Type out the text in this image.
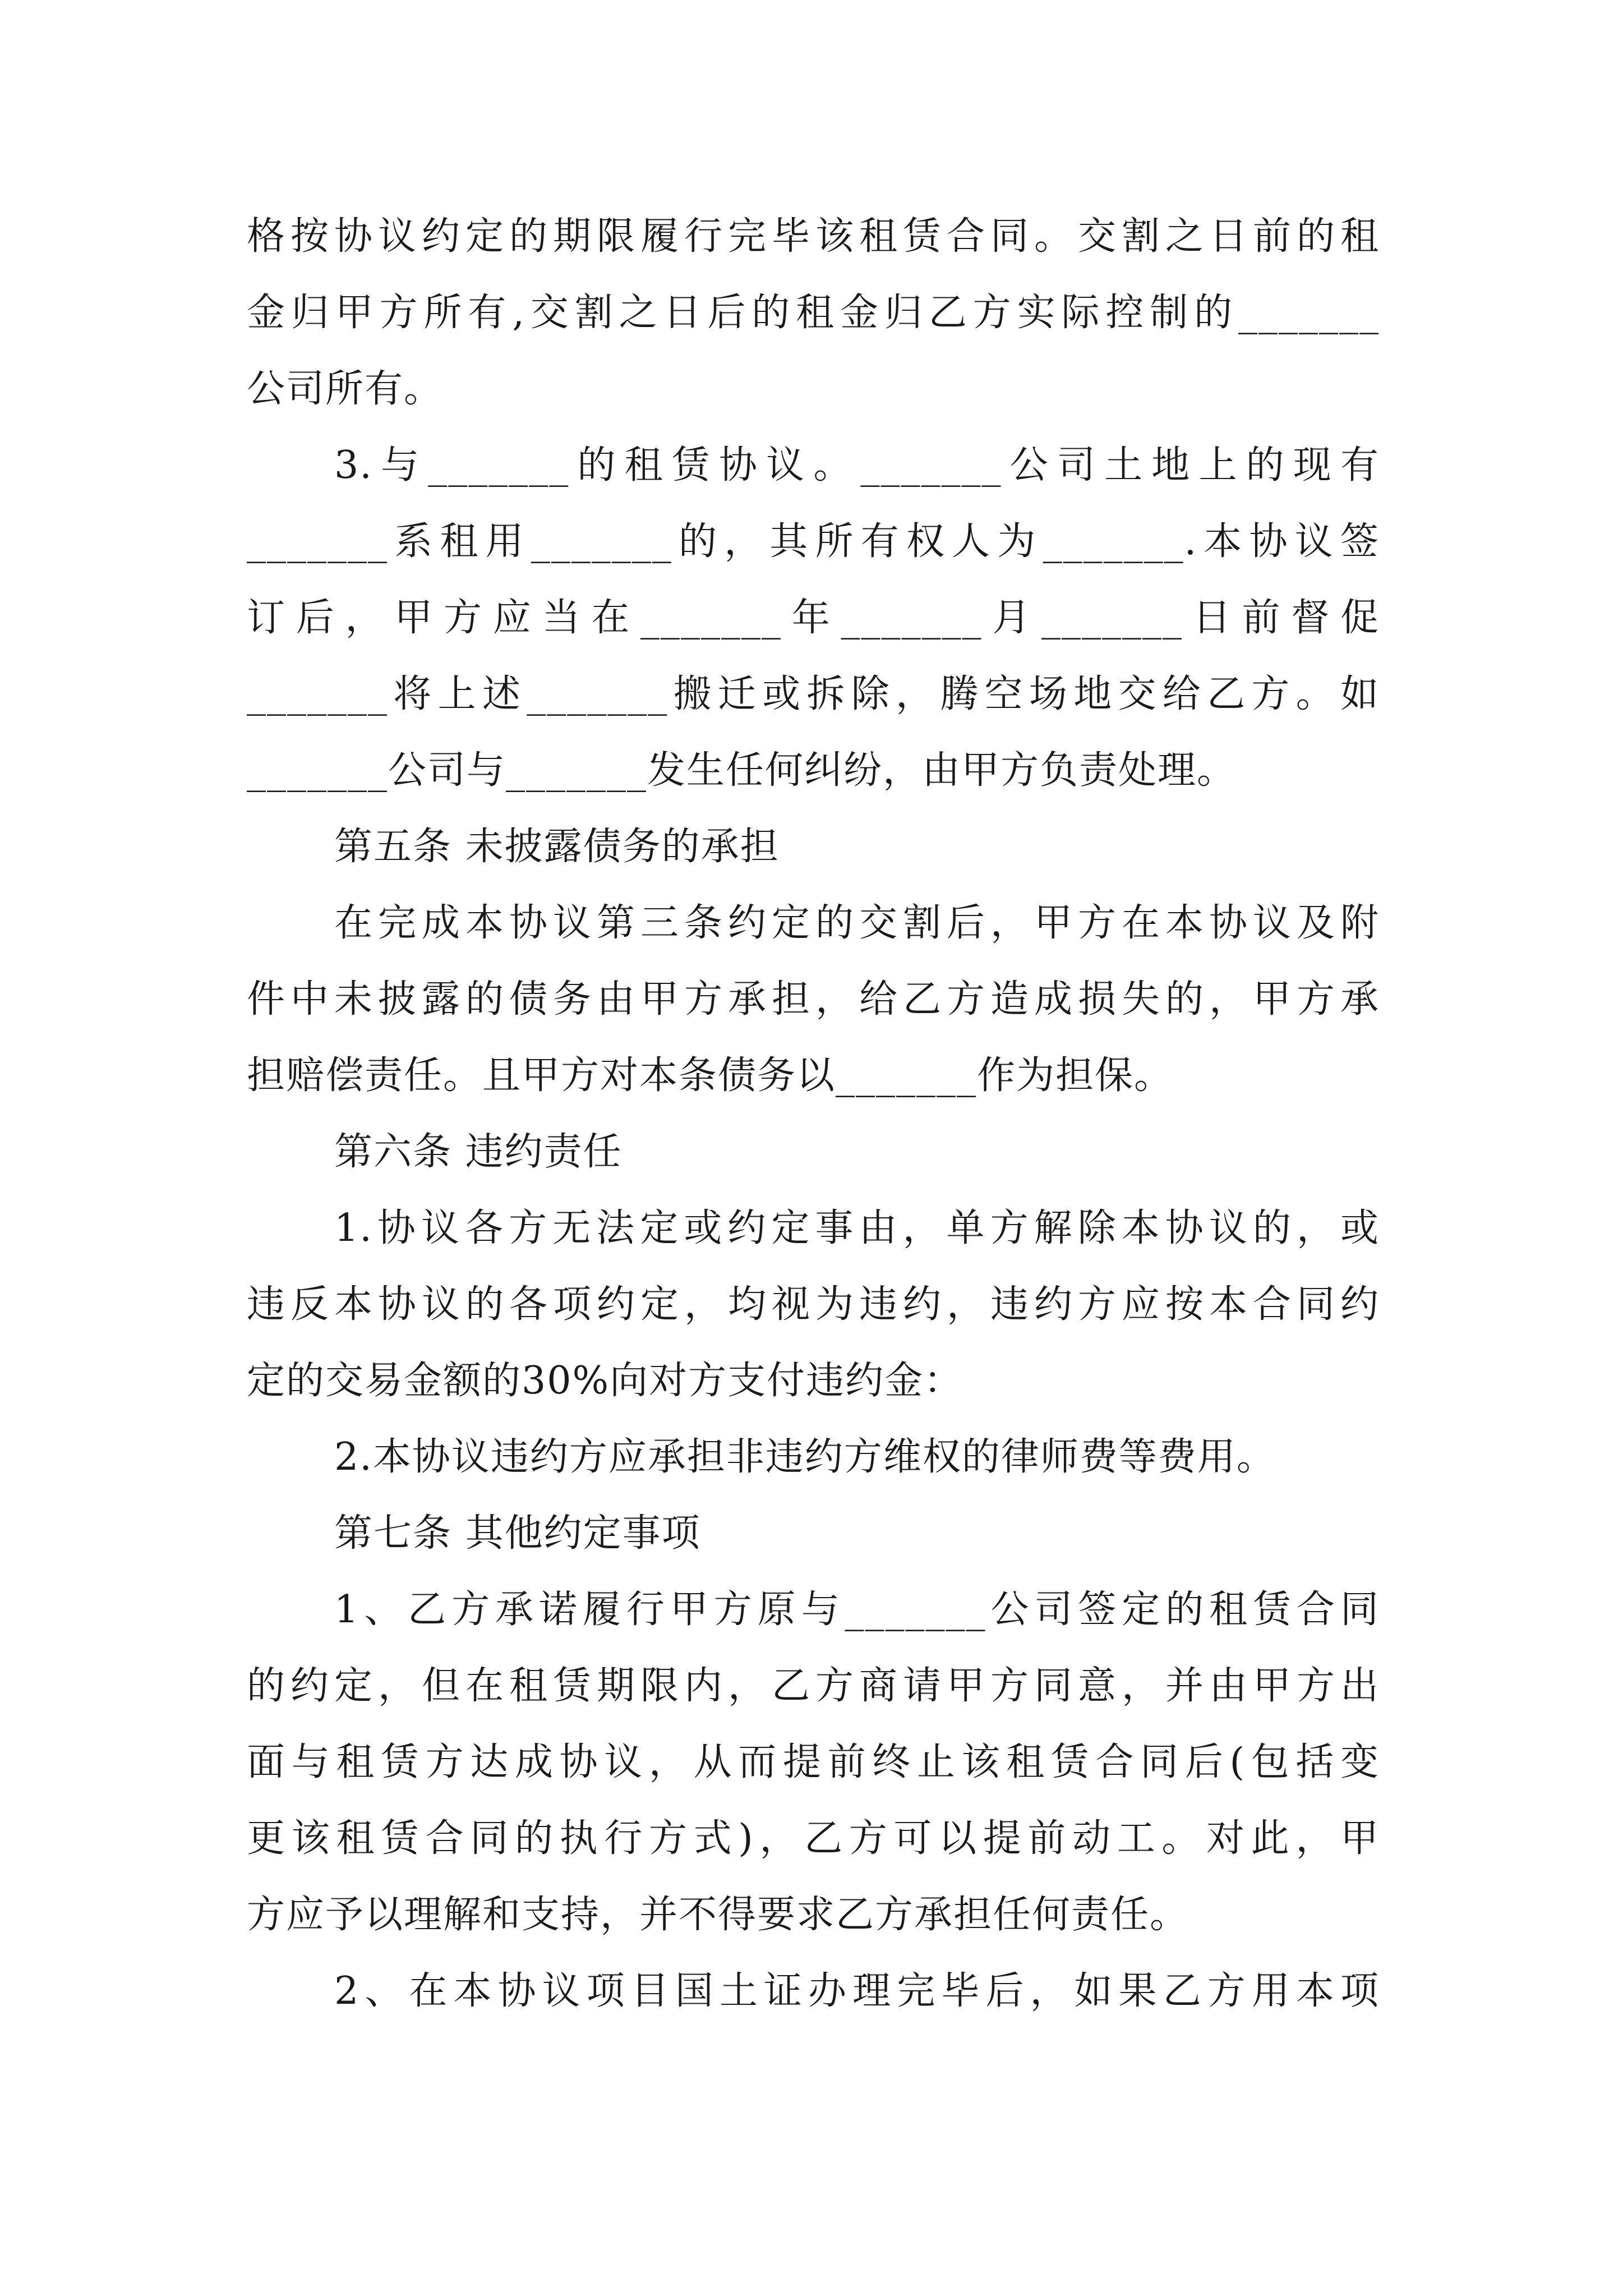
格按协议约定的期限履行完毕该租赁合同。交割之日前的租
金归甲方所有,交割之日后的租金归乙方实际控制的_______
公司所有。
3.与_______的租赁协议。_______公司土地上的现有
_______系租用_______的，其所有权人为_______.本协议签
订后，甲方应当在_______年_______月_______日前督促
_______将上述_______搬迁或拆除，腾空场地交给乙方。如
_______公司与_______发生任何纠纷，由甲方负责处理。
第五条 未披露债务的承担
在完成本协议第三条约定的交割后，甲方在本协议及附
件中未披露的债务由甲方承担，给乙方造成损失的，甲方承
担赔偿责任。且甲方对本条债务以_______作为担保。
第六条 违约责任
1.协议各方无法定或约定事由，单方解除本协议的，或
违反本协议的各项约定，均视为违约，违约方应按本合同约
定的交易金额的30%向对方支付违约金：
2.本协议违约方应承担非违约方维权的律师费等费用。
第七条 其他约定事项
1、乙方承诺履行甲方原与_______公司签定的租赁合同
的约定，但在租赁期限内，乙方商请甲方同意，并由甲方出
面与租赁方达成协议，从而提前终止该租赁合同后(包括变
更该租赁合同的执行方式)，乙方可以提前动工。对此，甲
方应予以理解和支持，并不得要求乙方承担任何责任。
2、在本协议项目国土证办理完毕后，如果乙方用本项
